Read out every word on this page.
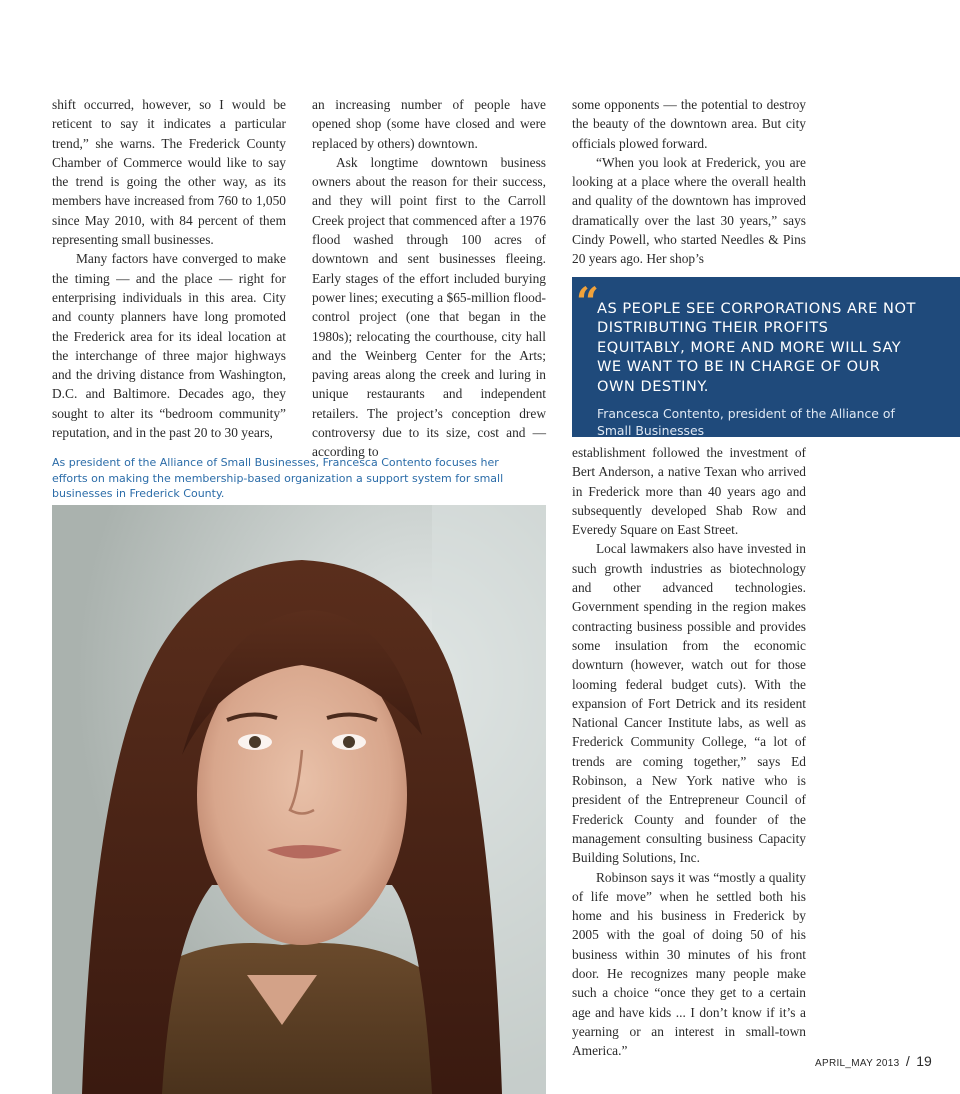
shift occurred, however, so I would be reticent to say it indicates a particular trend,” she warns. The Frederick County Chamber of Commerce would like to say the trend is going the other way, as its members have increased from 760 to 1,050 since May 2010, with 84 percent of them representing small businesses.

Many factors have converged to make the timing — and the place — right for enterprising individuals in this area. City and county planners have long promoted the Frederick area for its ideal location at the interchange of three major highways and the driving distance from Washington, D.C. and Baltimore. Decades ago, they sought to alter its “bedroom community” reputation, and in the past 20 to 30 years,

an increasing number of people have opened shop (some have closed and were replaced by others) downtown.

Ask longtime downtown business owners about the reason for their success, and they will point first to the Carroll Creek project that commenced after a 1976 flood washed through 100 acres of downtown and sent businesses fleeing. Early stages of the effort included burying power lines; executing a $65-million flood-control project (one that began in the 1980s); relocating the courthouse, city hall and the Weinberg Center for the Arts; paving areas along the creek and luring in unique restaurants and independent retailers. The project’s conception drew controversy due to its size, cost and — according to

some opponents — the potential to destroy the beauty of the downtown area. But city officials plowed forward.

“When you look at Frederick, you are looking at a place where the overall health and quality of the downtown has improved dramatically over the last 30 years,” says Cindy Powell, who started Needles & Pins 20 years ago. Her shop’s

“

AS PEOPLE SEE CORPORATIONS ARE NOT DISTRIBUTING THEIR PROFITS EQUITABLY, MORE AND MORE WILL SAY WE WANT TO BE IN CHARGE OF OUR OWN DESTINY.

Francesca Contento, president of the Alliance of Small Businesses

establishment followed the investment of Bert Anderson, a native Texan who arrived in Frederick more than 40 years ago and subsequently developed Shab Row and Everedy Square on East Street.

Local lawmakers also have invested in such growth industries as biotechnology and other advanced technologies. Government spending in the region makes contracting business possible and provides some insulation from the economic downturn (however, watch out for those looming federal budget cuts). With the expansion of Fort Detrick and its resident National Cancer Institute labs, as well as Frederick Community College, “a lot of trends are coming together,” says Ed Robinson, a New York native who is president of the Entrepreneur Council of Frederick County and founder of the management consulting business Capacity Building Solutions, Inc.

Robinson says it was “mostly a quality of life move” when he settled both his home and his business in Frederick by 2005 with the goal of doing 50 of his business within 30 minutes of his front door. He recognizes many people make such a choice “once they get to a certain age and have kids ... I don’t know if it’s a yearning or an interest in small-town America.”

As president of the Alliance of Small Businesses, Francesca Contento focuses her efforts on making the membership-based organization a support system for small businesses in Frederick County.

APRIL_MAY 2013 / 19
